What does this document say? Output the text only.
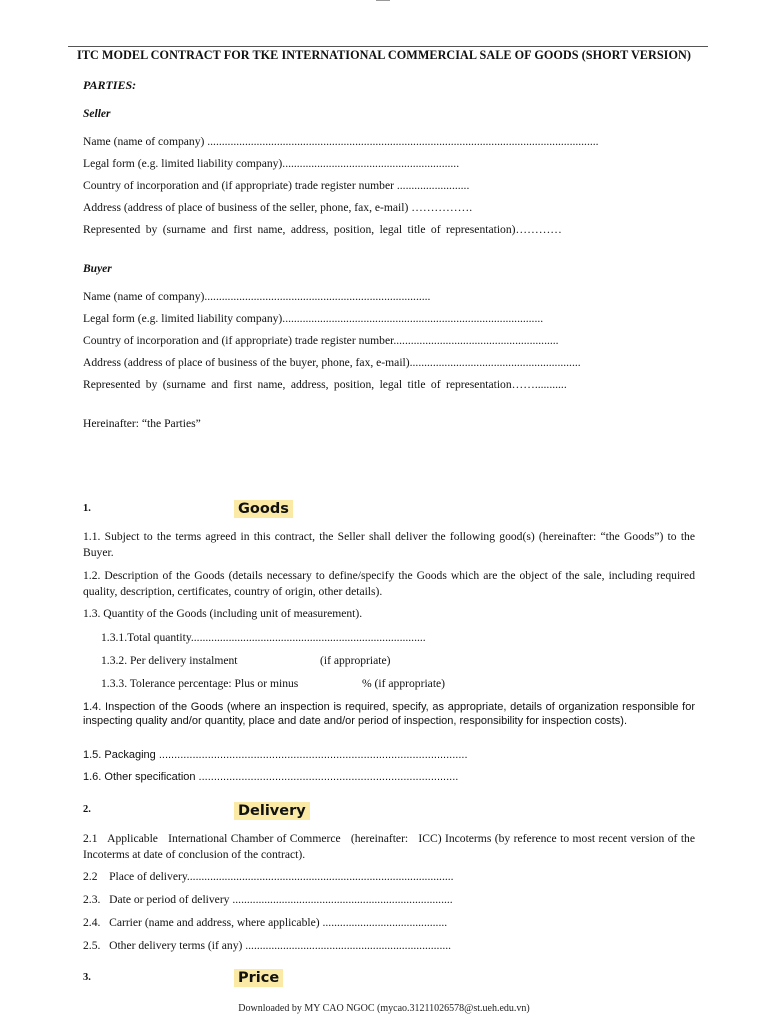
ITC MODEL CONTRACT FOR TKE INTERNATIONAL COMMERCIAL SALE OF GOODS (SHORT VERSION)
PARTIES:
Seller
Name (name of company) .......................................................................................................................................
Legal form (e.g. limited liability company).............................................................
Country of incorporation and (if appropriate) trade register number .........................
Address (address of place of business of the seller, phone, fax, e-mail) …………….
Represented by (surname and first name, address, position, legal title of representation)…………
Buyer
Name (name of company)..............................................................................
Legal form (e.g. limited liability company)..........................................................................................
Country of incorporation and (if appropriate) trade register number.........................................................
Address (address of place of business of the buyer, phone, fax, e-mail)...........................................................
Represented by (surname and first name, address, position, legal title of representation……...........
Hereinafter: “the Parties”
1.	Goods
1.1. Subject to the terms agreed in this contract, the Seller shall deliver the following good(s) (hereinafter: “the Goods”) to the Buyer.
1.2. Description of the Goods (details necessary to define/specify the Goods which are the object of the sale, including required quality, description, certificates, country of origin, other details).
1.3. Quantity of the Goods (including unit of measurement).
1.3.1.Total quantity.................................................................................
1.3.2. Per delivery instalment	(if appropriate)
1.3.3. Tolerance percentage: Plus or minus	% (if appropriate)
1.4. Inspection of the Goods (where an inspection is required, specify, as appropriate, details of organization responsible for inspecting quality and/or quantity, place and date and/or period of inspection, responsibility for inspection costs).
1.5. Packaging .....................................................................................................
1.6. Other specification .....................................................................................
2.	Delivery
2.1   Applicable   International Chamber of Commerce   (hereinafter:   ICC) Incoterms (by reference to most recent version of the Incoterms at date of conclusion of the contract).
2.2    Place of delivery............................................................................................
2.3.   Date or period of delivery ............................................................................
2.4.   Carrier (name and address, where applicable) ...........................................
2.5.   Other delivery terms (if any) .......................................................................
3.	Price
Downloaded by MY CAO NGOC (mycao.31211026578@st.ueh.edu.vn)
